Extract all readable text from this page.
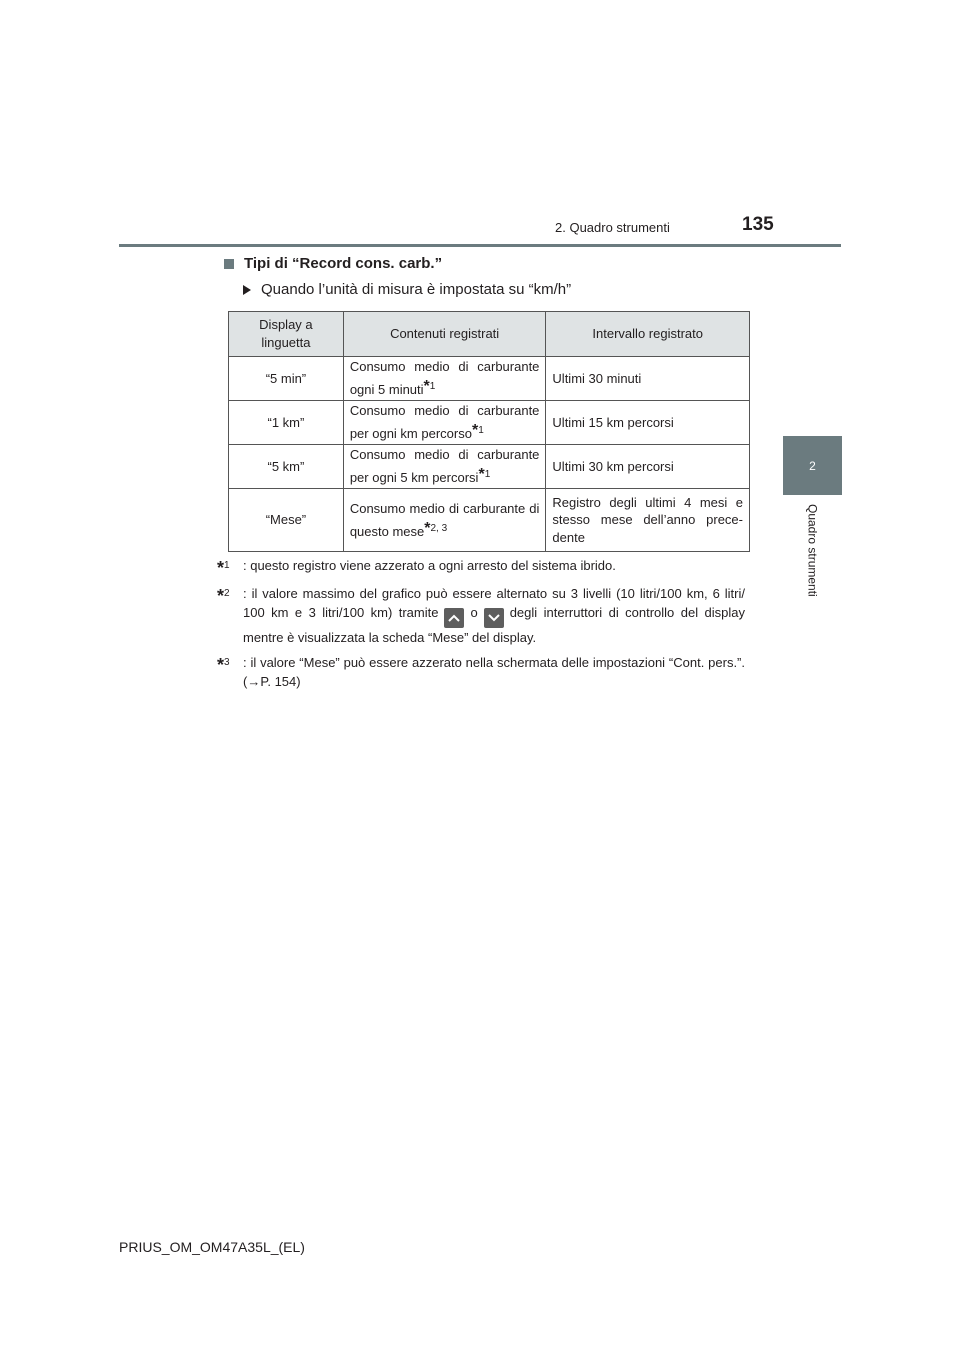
2. Quadro strumenti	135
2
Quadro strumenti
Tipi di “Record cons. carb.”
Quando l’unità di misura è impostata su “km/h”
Display a
linguetta	Contenuti registrati	Intervallo registrato
“5 min”	Consumo medio di carburante ogni 5 minuti*$^1$	Ultimi 30 minuti
“1 km”	Consumo medio di carburante per ogni km percorso*$^1$	Ultimi 15 km percorsi
“5 km”	Consumo medio di carburante per ogni 5 km percorsi*$^1$	Ultimi 30 km percorsi
“Mese”	Consumo medio di carburante di questo mese*$^{2, 3}$	Registro degli ultimi 4 mesi e stesso mese dell’anno prece-dente
*$^1$	: questo registro viene azzerato a ogni arresto del sistema ibrido.
*$^2$	: il valore massimo del grafico può essere alternato su 3 livelli (10 litri/100 km, 6 litri/ 100 km e 3 litri/100 km) tramite o degli interruttori di controllo del display mentre è visualizzata la scheda “Mese” del display.
*$^3$	: il valore “Mese” può essere azzerato nella schermata delle impostazioni “Cont. pers.”. (→P. 154)
PRIUS_OM_OM47A35L_(EL)
